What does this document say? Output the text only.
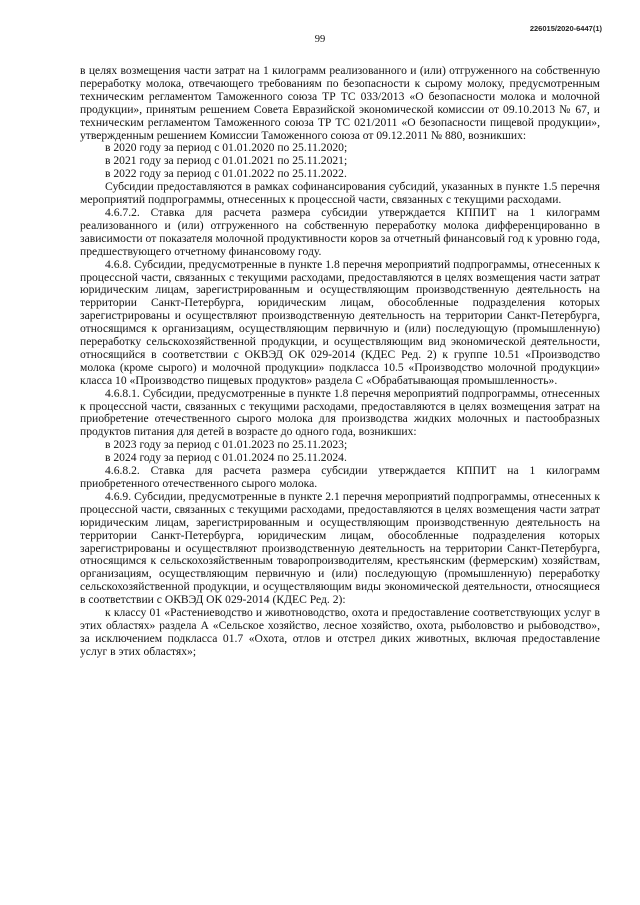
226015/2020-6447(1)
99

в целях возмещения части затрат на 1 килограмм реализованного и (или) отгруженного на собственную переработку молока, отвечающего требованиям по безопасности к сырому молоку, предусмотренным техническим регламентом Таможенного союза ТР ТС 033/2013 «О безопасности молока и молочной продукции», принятым решением Совета Евразийской экономической комиссии от 09.10.2013 № 67, и техническим регламентом Таможенного союза ТР ТС 021/2011 «О безопасности пищевой продукции», утвержденным решением Комиссии Таможенного союза от 09.12.2011 № 880, возникших:

в 2020 году за период с 01.01.2020 по 25.11.2020;

в 2021 году за период с 01.01.2021 по 25.11.2021;

в 2022 году за период с 01.01.2022 по 25.11.2022.

Субсидии предоставляются в рамках софинансирования субсидий, указанных в пункте 1.5 перечня мероприятий подпрограммы, отнесенных к процессной части, связанных с текущими расходами.

4.6.7.2. Ставка для расчета размера субсидии утверждается КППИТ на 1 килограмм реализованного и (или) отгруженного на собственную переработку молока дифференцированно в зависимости от показателя молочной продуктивности коров за отчетный финансовый год к уровню года, предшествующего отчетному финансовому году.

4.6.8. Субсидии, предусмотренные в пункте 1.8 перечня мероприятий подпрограммы, отнесенных к процессной части, связанных с текущими расходами, предоставляются в целях возмещения части затрат юридическим лицам, зарегистрированным и осуществляющим производственную деятельность на территории Санкт-Петербурга, юридическим лицам, обособленные подразделения которых зарегистрированы и осуществляют производственную деятельность на территории Санкт-Петербурга, относящимся к организациям, осуществляющим первичную и (или) последующую (промышленную) переработку сельскохозяйственной продукции, и осуществляющим вид экономической деятельности, относящийся в соответствии с ОКВЭД ОК 029-2014 (КДЕС Ред. 2) к группе 10.51 «Производство молока (кроме сырого) и молочной продукции» подкласса 10.5 «Производство молочной продукции» класса 10 «Производство пищевых продуктов» раздела С «Обрабатывающая промышленность».

4.6.8.1. Субсидии, предусмотренные в пункте 1.8 перечня мероприятий подпрограммы, отнесенных к процессной части, связанных с текущими расходами, предоставляются в целях возмещения затрат на приобретение отечественного сырого молока для производства жидких молочных и пастообразных продуктов питания для детей в возрасте до одного года, возникших:

в 2023 году за период с 01.01.2023 по 25.11.2023;

в 2024 году за период с 01.01.2024 по 25.11.2024.

4.6.8.2. Ставка для расчета размера субсидии утверждается КППИТ на 1 килограмм приобретенного отечественного сырого молока.

4.6.9. Субсидии, предусмотренные в пункте 2.1 перечня мероприятий подпрограммы, отнесенных к процессной части, связанных с текущими расходами, предоставляются в целях возмещения части затрат юридическим лицам, зарегистрированным и осуществляющим производственную деятельность на территории Санкт-Петербурга, юридическим лицам, обособленные подразделения которых зарегистрированы и осуществляют производственную деятельность на территории Санкт-Петербурга, относящимся к сельскохозяйственным товаропроизводителям, крестьянским (фермерским) хозяйствам, организациям, осуществляющим первичную и (или) последующую (промышленную) переработку сельскохозяйственной продукции, и осуществляющим виды экономической деятельности, относящиеся в соответствии с ОКВЭД ОК 029-2014 (КДЕС Ред. 2):

к классу 01 «Растениеводство и животноводство, охота и предоставление соответствующих услуг в этих областях» раздела А «Сельское хозяйство, лесное хозяйство, охота, рыболовство и рыбоводство», за исключением подкласса 01.7 «Охота, отлов и отстрел диких животных, включая предоставление услуг в этих областях»;
